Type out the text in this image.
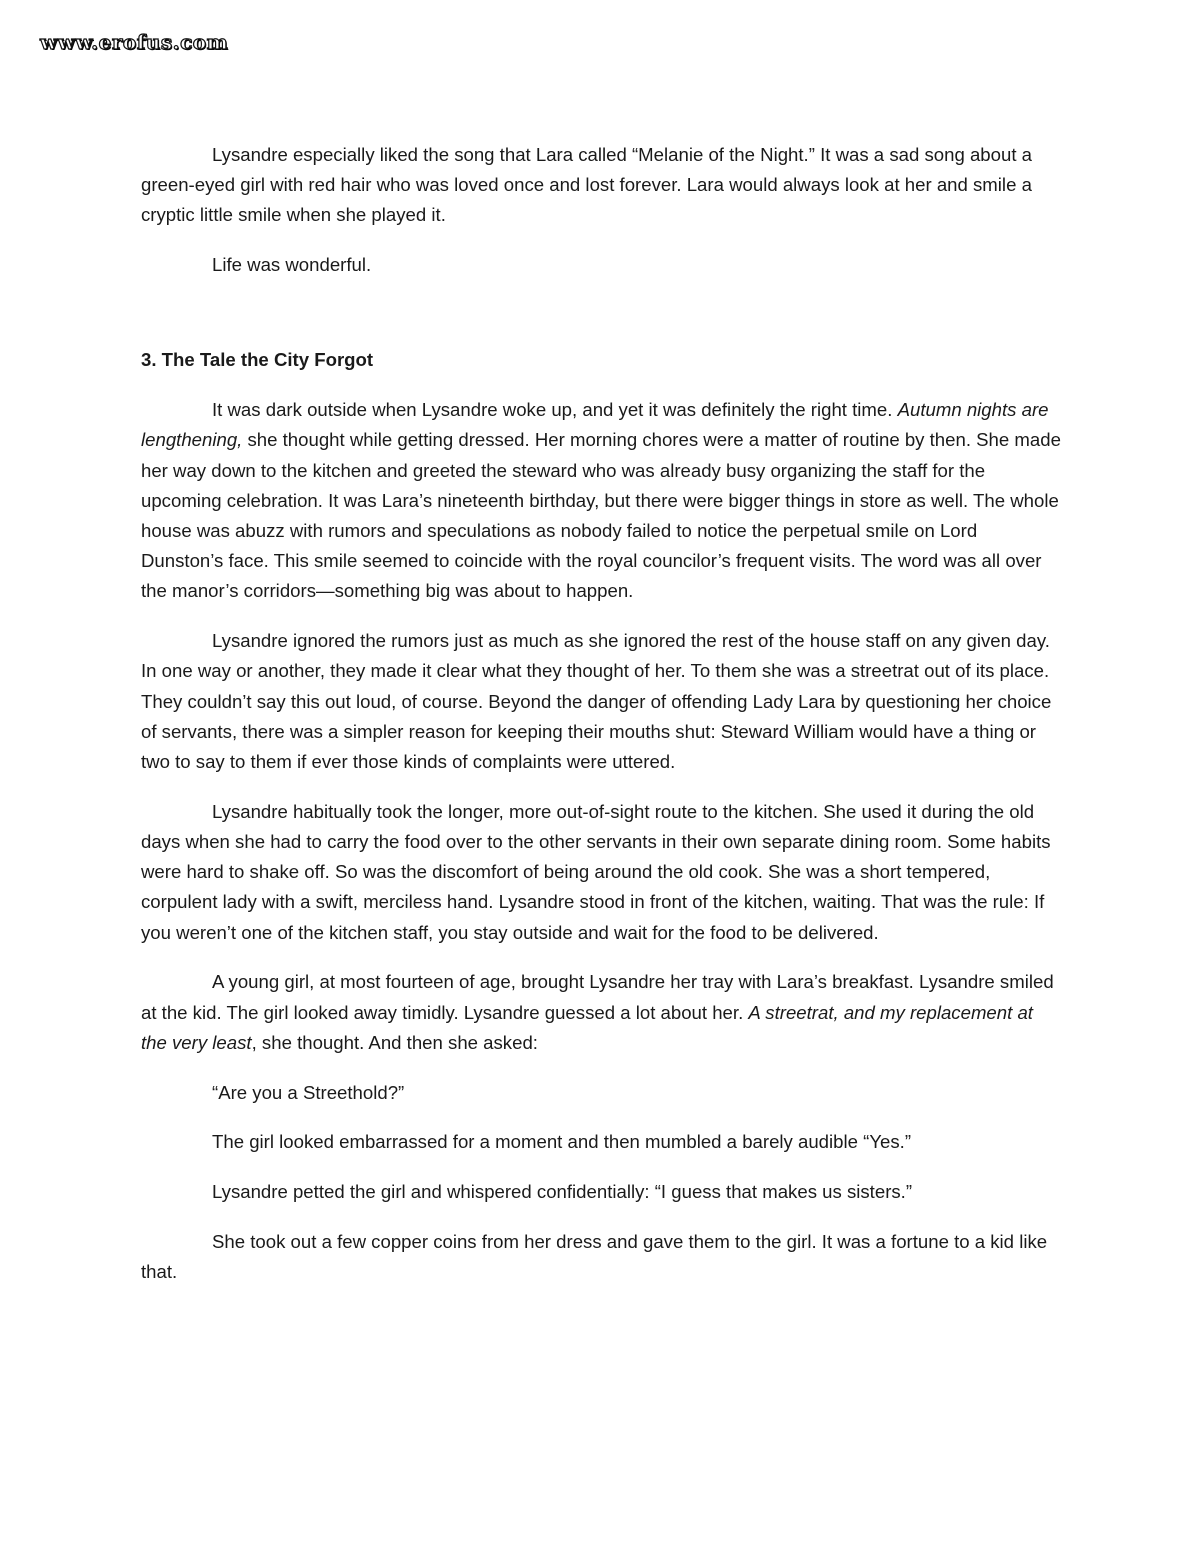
www.erofus.com

Lysandre especially liked the song that Lara called “Melanie of the Night.” It was a sad song about a green-eyed girl with red hair who was loved once and lost forever. Lara would always look at her and smile a cryptic little smile when she played it.

Life was wonderful.

3. The Tale the City Forgot

It was dark outside when Lysandre woke up, and yet it was definitely the right time. Autumn nights are lengthening, she thought while getting dressed. Her morning chores were a matter of routine by then. She made her way down to the kitchen and greeted the steward who was already busy organizing the staff for the upcoming celebration. It was Lara’s nineteenth birthday, but there were bigger things in store as well. The whole house was abuzz with rumors and speculations as nobody failed to notice the perpetual smile on Lord Dunston’s face. This smile seemed to coincide with the royal councilor’s frequent visits. The word was all over the manor’s corridors—something big was about to happen.

Lysandre ignored the rumors just as much as she ignored the rest of the house staff on any given day. In one way or another, they made it clear what they thought of her. To them she was a streetrat out of its place. They couldn’t say this out loud, of course. Beyond the danger of offending Lady Lara by questioning her choice of servants, there was a simpler reason for keeping their mouths shut: Steward William would have a thing or two to say to them if ever those kinds of complaints were uttered.

Lysandre habitually took the longer, more out-of-sight route to the kitchen. She used it during the old days when she had to carry the food over to the other servants in their own separate dining room. Some habits were hard to shake off. So was the discomfort of being around the old cook. She was a short tempered, corpulent lady with a swift, merciless hand. Lysandre stood in front of the kitchen, waiting. That was the rule: If you weren’t one of the kitchen staff, you stay outside and wait for the food to be delivered.

A young girl, at most fourteen of age, brought Lysandre her tray with Lara’s breakfast. Lysandre smiled at the kid. The girl looked away timidly. Lysandre guessed a lot about her. A streetrat, and my replacement at the very least, she thought. And then she asked:

“Are you a Streethold?”

The girl looked embarrassed for a moment and then mumbled a barely audible “Yes.”

Lysandre petted the girl and whispered confidentially: “I guess that makes us sisters.”

She took out a few copper coins from her dress and gave them to the girl. It was a fortune to a kid like that.
